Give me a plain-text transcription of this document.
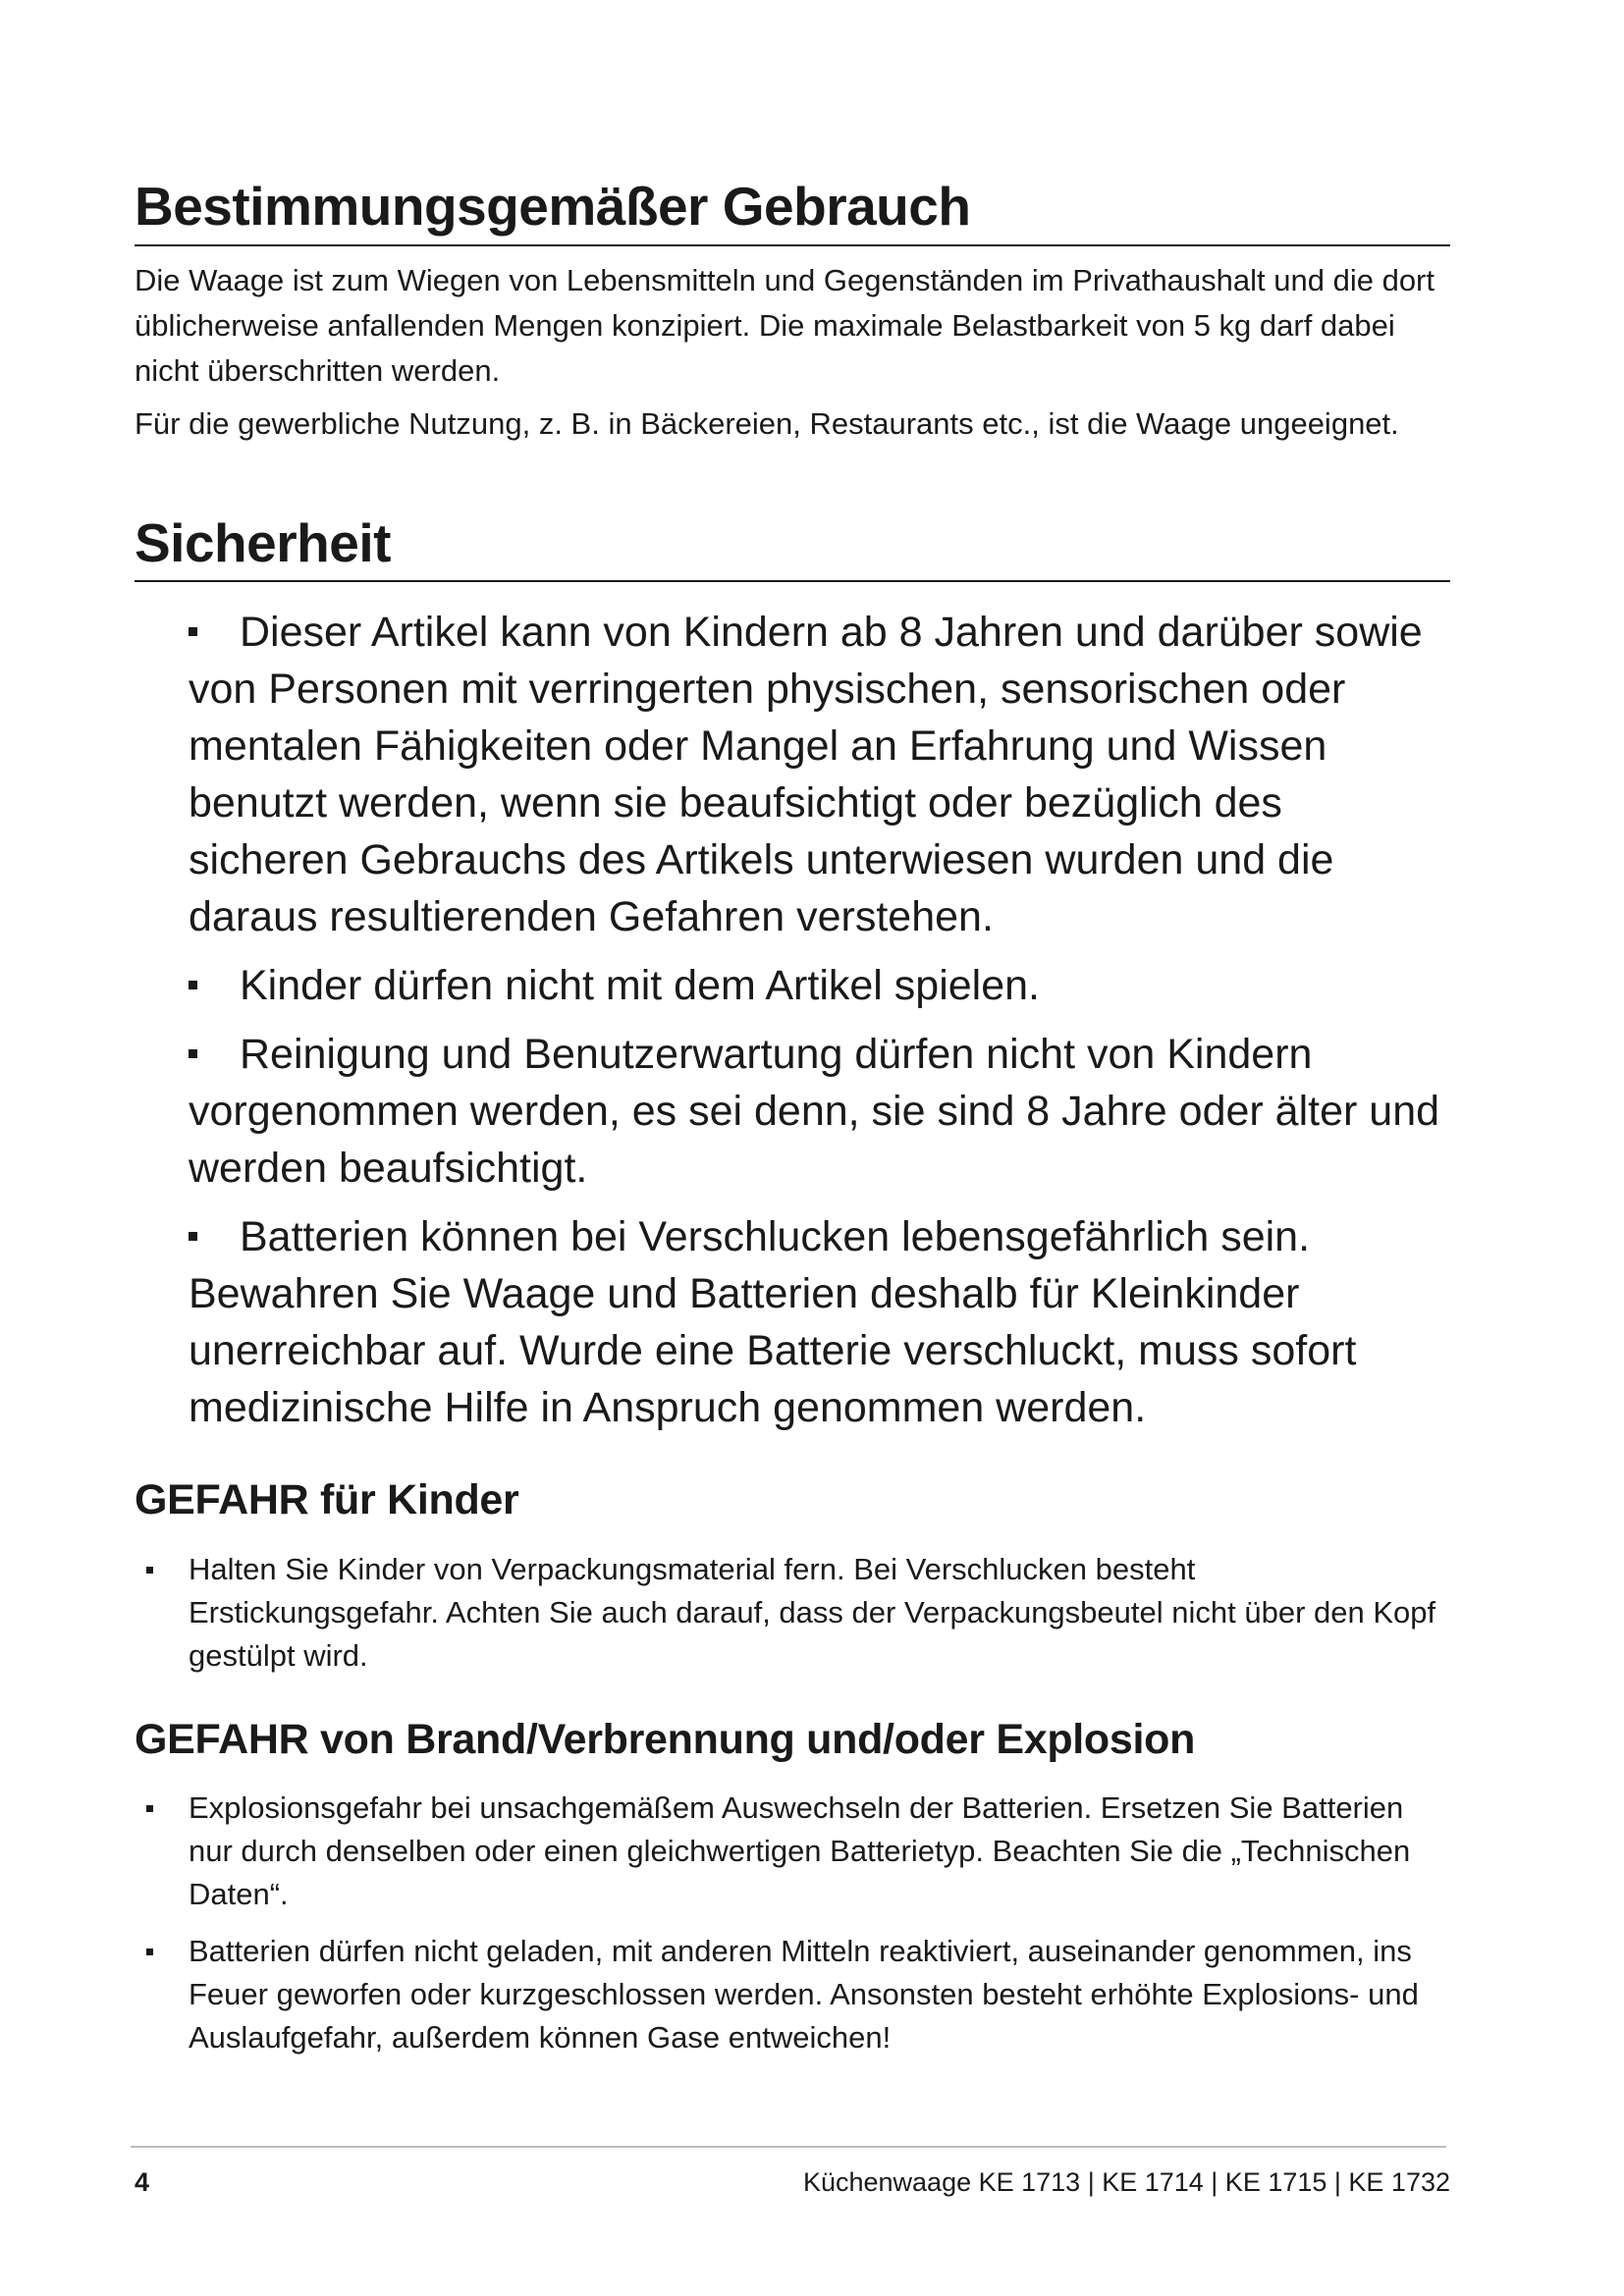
Bestimmungsgemäßer Gebrauch

Die Waage ist zum Wiegen von Lebensmitteln und Gegenständen im Privathaushalt und die dort üblicherweise anfallenden Mengen konzipiert. Die maximale Belastbarkeit von 5 kg darf dabei nicht überschritten werden.

Für die gewerbliche Nutzung, z. B. in Bäckereien, Restaurants etc., ist die Waage ungeeignet.

Sicherheit
Dieser Artikel kann von Kindern ab 8 Jahren und darüber sowie von Personen mit verringerten physischen, sensorischen oder mentalen Fähigkeiten oder Mangel an Erfahrung und Wissen benutzt werden, wenn sie beaufsichtigt oder bezüglich des sicheren Gebrauchs des Artikels unterwiesen wurden und die daraus resultierenden Gefahren verstehen.
Kinder dürfen nicht mit dem Artikel spielen.
Reinigung und Benutzerwartung dürfen nicht von Kindern vorgenommen werden, es sei denn, sie sind 8 Jahre oder älter und werden beaufsichtigt.
Batterien können bei Verschlucken lebensgefährlich sein. Bewahren Sie Waage und Batterien deshalb für Kleinkinder unerreichbar auf. Wurde eine Batterie verschluckt, muss sofort medizinische Hilfe in Anspruch genommen werden.
GEFAHR für Kinder
Halten Sie Kinder von Verpackungsmaterial fern. Bei Verschlucken besteht Erstickungsgefahr. Achten Sie auch darauf, dass der Verpackungsbeutel nicht über den Kopf gestülpt wird.
GEFAHR von Brand/Verbrennung und/oder Explosion
Explosionsgefahr bei unsachgemäßem Auswechseln der Batterien. Ersetzen Sie Batterien nur durch denselben oder einen gleichwertigen Batterietyp. Beachten Sie die „Technischen Daten“.
Batterien dürfen nicht geladen, mit anderen Mitteln reaktiviert, auseinander genommen, ins Feuer geworfen oder kurzgeschlossen werden. Ansonsten besteht erhöhte Explosions- und Auslaufgefahr, außerdem können Gase entweichen!
4	Küchenwaage KE 1713 | KE 1714 | KE 1715 | KE 1732
